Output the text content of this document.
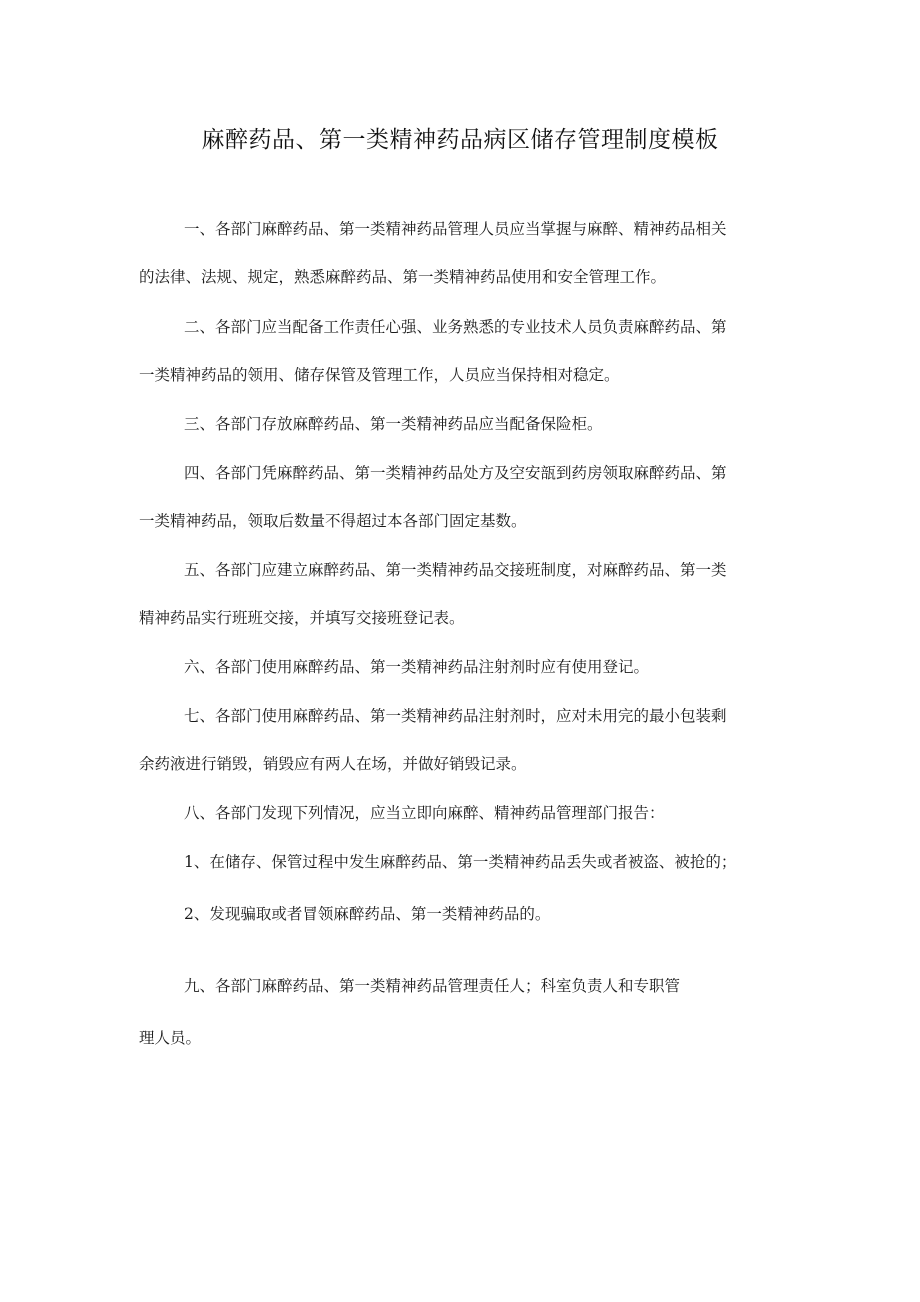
麻醉药品、第一类精神药品病区储存管理制度模板
一、各部门麻醉药品、第一类精神药品管理人员应当掌握与麻醉、精神药品相关
的法律、法规、规定，熟悉麻醉药品、第一类精神药品使用和安全管理工作。
二、各部门应当配备工作责任心强、业务熟悉的专业技术人员负责麻醉药品、第
一类精神药品的领用、储存保管及管理工作，人员应当保持相对稳定。
三、各部门存放麻醉药品、第一类精神药品应当配备保险柜。
四、各部门凭麻醉药品、第一类精神药品处方及空安瓿到药房领取麻醉药品、第
一类精神药品，领取后数量不得超过本各部门固定基数。
五、各部门应建立麻醉药品、第一类精神药品交接班制度，对麻醉药品、第一类
精神药品实行班班交接，并填写交接班登记表。
六、各部门使用麻醉药品、第一类精神药品注射剂时应有使用登记。
七、各部门使用麻醉药品、第一类精神药品注射剂时，应对未用完的最小包装剩
余药液进行销毁，销毁应有两人在场，并做好销毁记录。
八、各部门发现下列情况，应当立即向麻醉、精神药品管理部门报告：
1、在储存、保管过程中发生麻醉药品、第一类精神药品丢失或者被盗、被抢的；
2、发现骗取或者冒领麻醉药品、第一类精神药品的。
九、各部门麻醉药品、第一类精神药品管理责任人；科室负责人和专职管
理人员。
